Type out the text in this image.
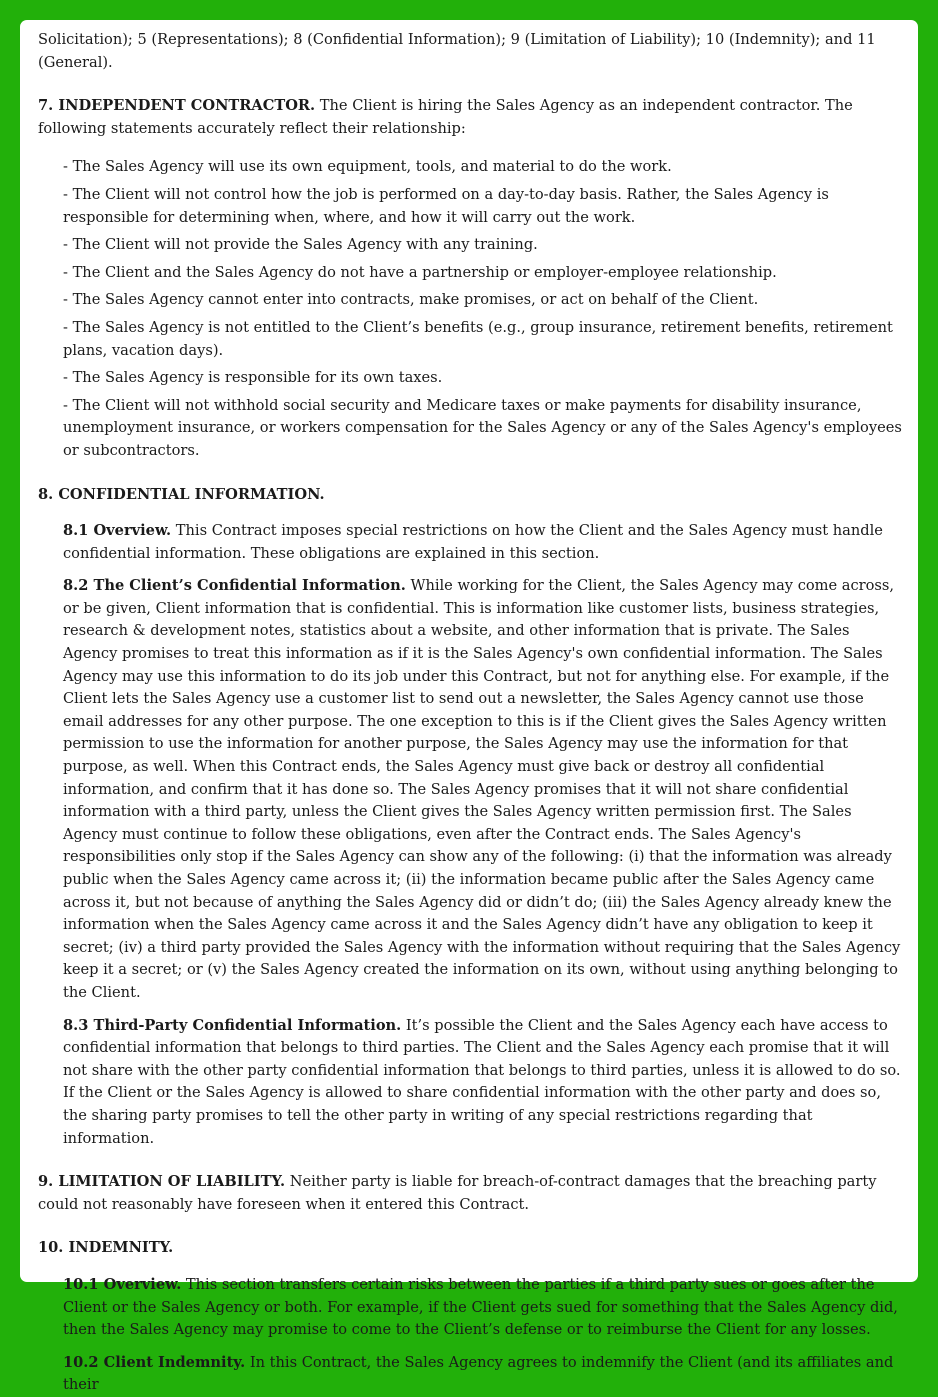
Solicitation); 5 (Representations); 8 (Confidential Information); 9 (Limitation of Liability); 10 (Indemnity); and 11 (General).

7. INDEPENDENT CONTRACTOR. The Client is hiring the Sales Agency as an independent contractor. The following statements accurately reflect their relationship:

- The Sales Agency will use its own equipment, tools, and material to do the work.

- The Client will not control how the job is performed on a day-to-day basis. Rather, the Sales Agency is responsible for determining when, where, and how it will carry out the work.

- The Client will not provide the Sales Agency with any training.

- The Client and the Sales Agency do not have a partnership or employer-employee relationship.

- The Sales Agency cannot enter into contracts, make promises, or act on behalf of the Client.

- The Sales Agency is not entitled to the Client’s benefits (e.g., group insurance, retirement benefits, retirement plans, vacation days).

- The Sales Agency is responsible for its own taxes.

- The Client will not withhold social security and Medicare taxes or make payments for disability insurance, unemployment insurance, or workers compensation for the Sales Agency or any of the Sales Agency's employees or subcontractors.

8. CONFIDENTIAL INFORMATION.

8.1 Overview. This Contract imposes special restrictions on how the Client and the Sales Agency must handle confidential information. These obligations are explained in this section.

8.2 The Client’s Confidential Information. While working for the Client, the Sales Agency may come across, or be given, Client information that is confidential. This is information like customer lists, business strategies, research & development notes, statistics about a website, and other information that is private. The Sales Agency promises to treat this information as if it is the Sales Agency's own confidential information. The Sales Agency may use this information to do its job under this Contract, but not for anything else. For example, if the Client lets the Sales Agency use a customer list to send out a newsletter, the Sales Agency cannot use those email addresses for any other purpose. The one exception to this is if the Client gives the Sales Agency written permission to use the information for another purpose, the Sales Agency may use the information for that purpose, as well. When this Contract ends, the Sales Agency must give back or destroy all confidential information, and confirm that it has done so. The Sales Agency promises that it will not share confidential information with a third party, unless the Client gives the Sales Agency written permission first. The Sales Agency must continue to follow these obligations, even after the Contract ends. The Sales Agency's responsibilities only stop if the Sales Agency can show any of the following: (i) that the information was already public when the Sales Agency came across it; (ii) the information became public after the Sales Agency came across it, but not because of anything the Sales Agency did or didn’t do; (iii) the Sales Agency already knew the information when the Sales Agency came across it and the Sales Agency didn’t have any obligation to keep it secret; (iv) a third party provided the Sales Agency with the information without requiring that the Sales Agency keep it a secret; or (v) the Sales Agency created the information on its own, without using anything belonging to the Client.

8.3 Third-Party Confidential Information. It’s possible the Client and the Sales Agency each have access to confidential information that belongs to third parties. The Client and the Sales Agency each promise that it will not share with the other party confidential information that belongs to third parties, unless it is allowed to do so. If the Client or the Sales Agency is allowed to share confidential information with the other party and does so, the sharing party promises to tell the other party in writing of any special restrictions regarding that information.

9. LIMITATION OF LIABILITY. Neither party is liable for breach-of-contract damages that the breaching party could not reasonably have foreseen when it entered this Contract.

10. INDEMNITY.

10.1 Overview. This section transfers certain risks between the parties if a third party sues or goes after the Client or the Sales Agency or both. For example, if the Client gets sued for something that the Sales Agency did, then the Sales Agency may promise to come to the Client’s defense or to reimburse the Client for any losses.

10.2 Client Indemnity. In this Contract, the Sales Agency agrees to indemnify the Client (and its affiliates and their
